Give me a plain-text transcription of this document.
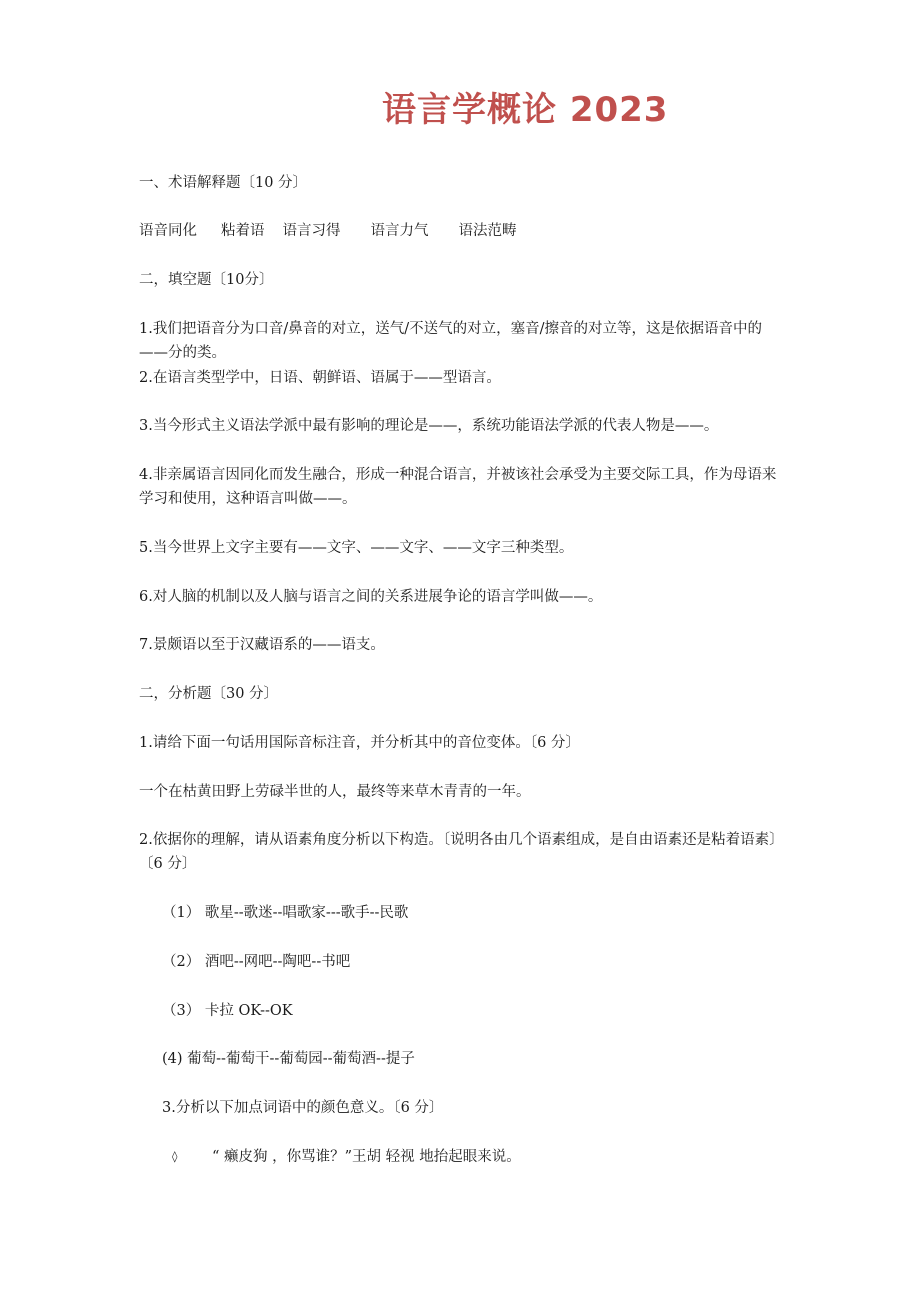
语言学概论 2023
一、术语解释题〔10 分〕
语音同化 粘着语 语言习得 语言力气 语法范畴
二，填空题〔10分〕
1.我们把语音分为口音/鼻音的对立，送气/不送气的对立，塞音/擦音的对立等，这是依据语音中的——分的类。
2.在语言类型学中，日语、朝鲜语、语属于——型语言。
3.当今形式主义语法学派中最有影响的理论是——，系统功能语法学派的代表人物是——。
4.非亲属语言因同化而发生融合，形成一种混合语言，并被该社会承受为主要交际工具，作为母语来学习和使用，这种语言叫做——。
5.当今世界上文字主要有——文字、——文字、——文字三种类型。
6.对人脑的机制以及人脑与语言之间的关系进展争论的语言学叫做——。
7.景颇语以至于汉藏语系的——语支。
二，分析题〔30 分〕
1.请给下面一句话用国际音标注音，并分析其中的音位变体。〔6 分〕
一个在枯黄田野上劳碌半世的人，最终等来草木青青的一年。
2.依据你的理解，请从语素角度分析以下构造。〔说明各由几个语素组成，是自由语素还是粘着语素〕〔6 分〕
（1） 歌星--歌迷--唱歌家---歌手--民歌
（2） 酒吧--网吧--陶吧--书吧
（3） 卡拉 OK--OK
(4) 葡萄--葡萄干--葡萄园--葡萄酒--提子
3.分析以下加点词语中的颜色意义。〔6 分〕
◊ “ 癞皮狗 ，你骂谁？”王胡 轻视 地抬起眼来说。
